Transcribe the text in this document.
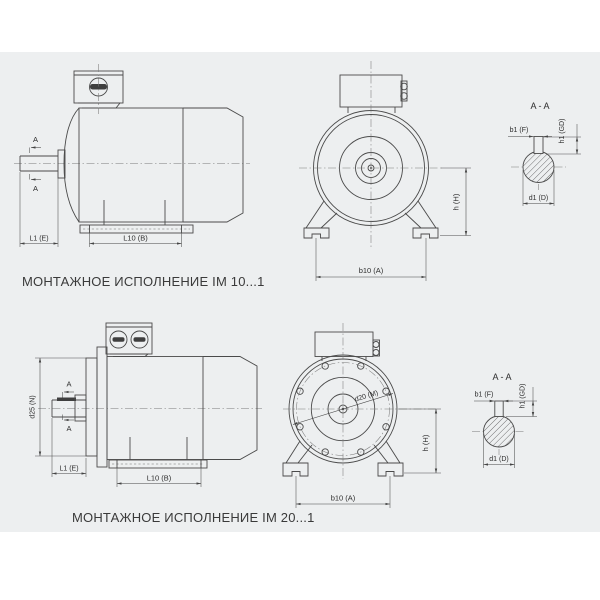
A
A
L1 (E)	L10 (B)
h (H)
b10 (A)
A - A
b1 (F)	h1 (GD)
d1 (D)
МОНТАЖНОЕ ИСПОЛНЕНИЕ IM 10...1
A
A
d25 (N)
L1 (E)
L10 (B)
d20 (M)
h (H)
b10 (A)
A - A
b1 (F)	h1 (GD)
d1 (D)
МОНТАЖНОЕ ИСПОЛНЕНИЕ IM 20...1
